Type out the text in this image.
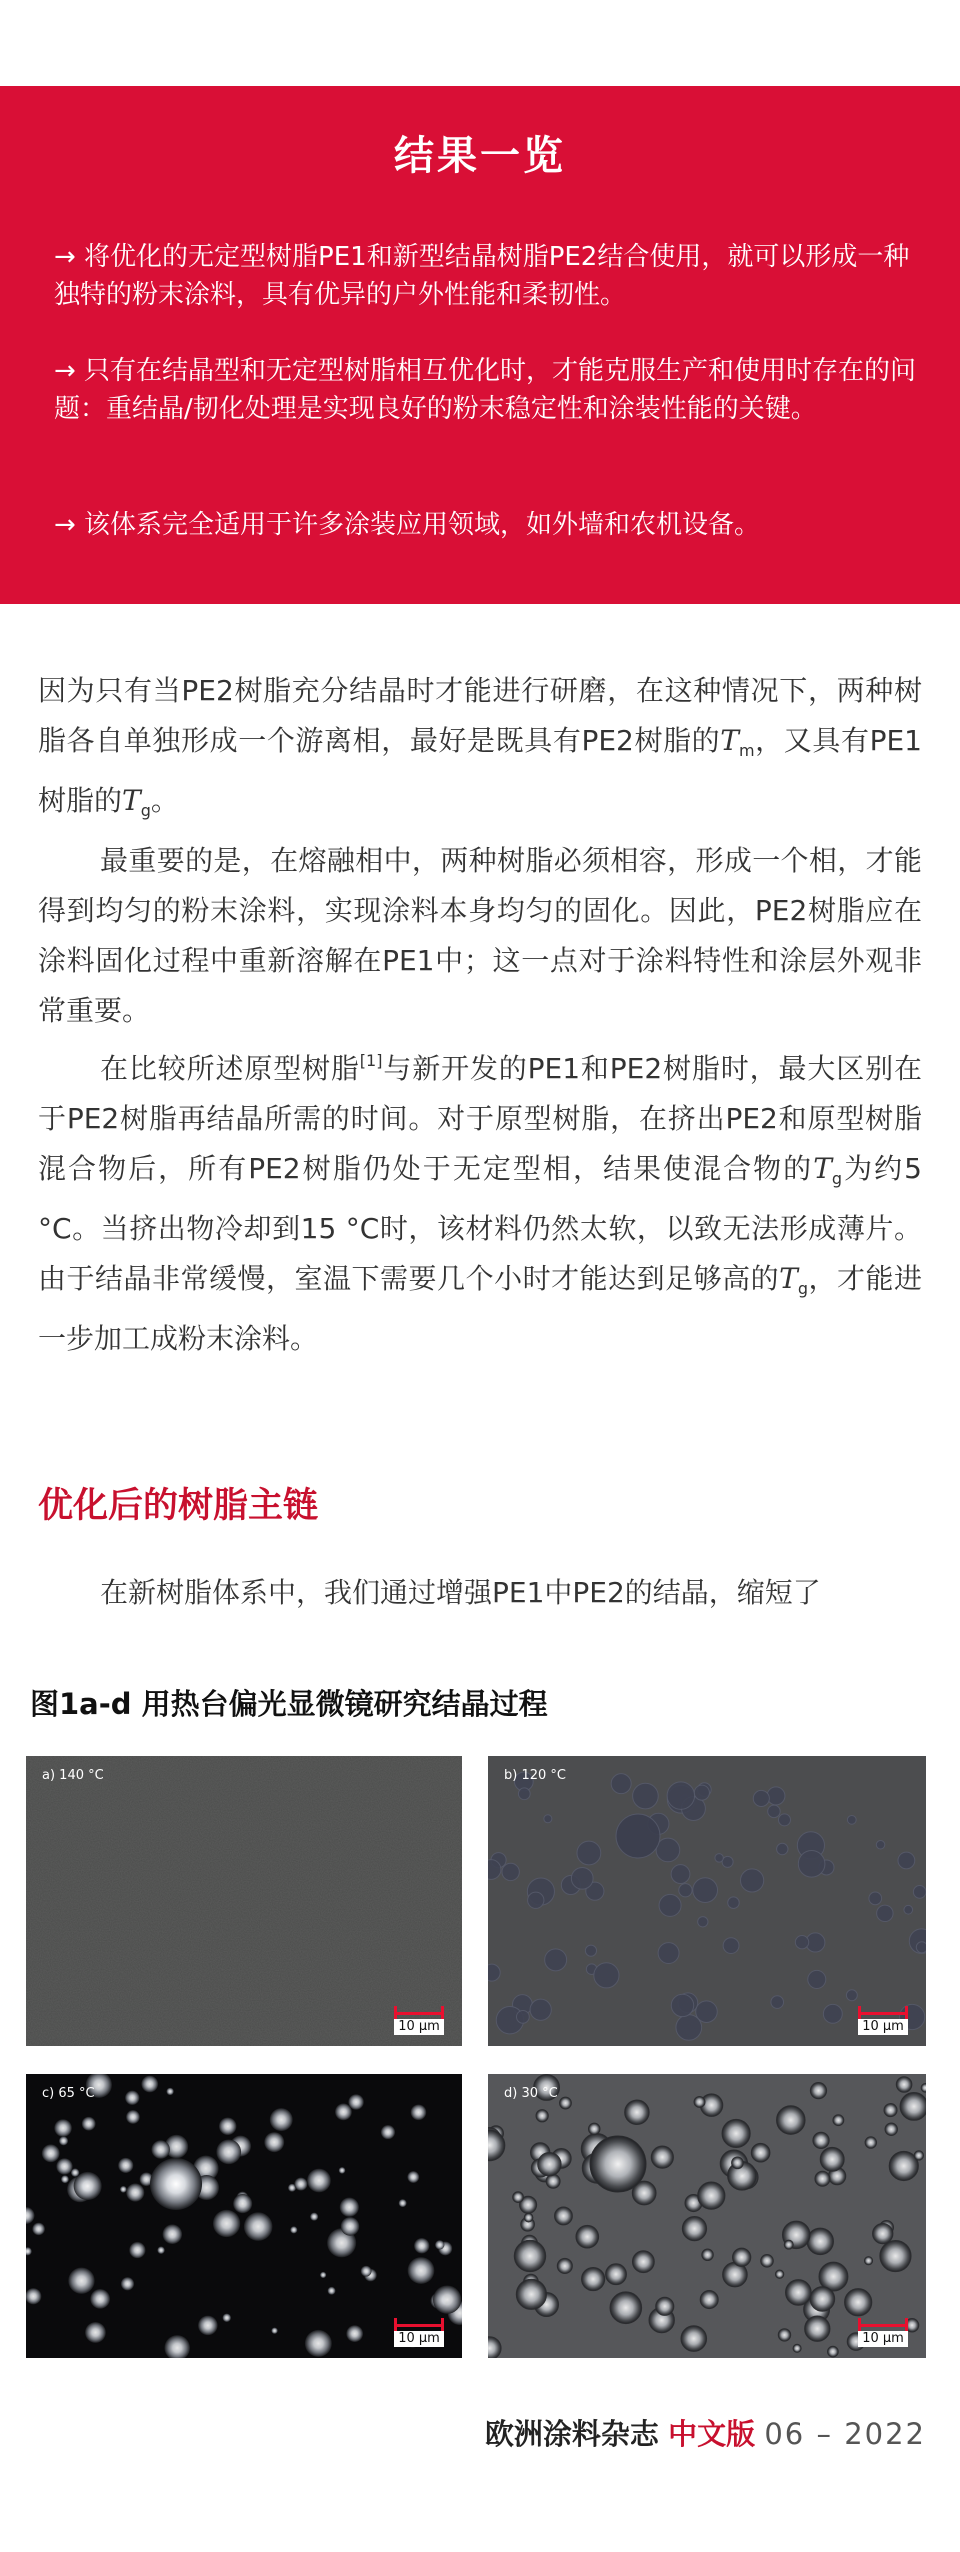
结果一览
→ 将优化的无定型树脂PE1和新型结晶树脂PE2结合使用，就可以形成一种独特的粉末涂料，具有优异的户外性能和柔韧性。
→ 只有在结晶型和无定型树脂相互优化时，才能克服生产和使用时存在的问题：重结晶/韧化处理是实现良好的粉末稳定性和涂装性能的关键。
→ 该体系完全适用于许多涂装应用领域，如外墙和农机设备。

因为只有当PE2树脂充分结晶时才能进行研磨，在这种情况下，两种树脂各自单独形成一个游离相，最好是既具有PE2树脂的$T_m$，又具有PE1树脂的$T_g$。

最重要的是，在熔融相中，两种树脂必须相容，形成一个相，才能得到均匀的粉末涂料，实现涂料本身均匀的固化。因此，PE2树脂应在涂料固化过程中重新溶解在PE1中；这一点对于涂料特性和涂层外观非常重要。

在比较所述原型树脂[1]与新开发的PE1和PE2树脂时，最大区别在于PE2树脂再结晶所需的时间。对于原型树脂，在挤出PE2和原型树脂混合物后，所有PE2树脂仍处于无定型相，结果使混合物的$T_g$为约5 °C。当挤出物冷却到15 °C时，该材料仍然太软，以致无法形成薄片。由于结晶非常缓慢，室温下需要几个小时才能达到足够高的$T_g$，才能进一步加工成粉末涂料。

优化后的树脂主链
在新树脂体系中，我们通过增强PE1中PE2的结晶，缩短了
图1a-d 用热台偏光显微镜研究结晶过程
a) 140 °C
10 μm
b) 120 °C
10 μm
c) 65 °C
10 μm
d) 30 °C
10 μm
欧洲涂料杂志 中文版 06 – 2022
